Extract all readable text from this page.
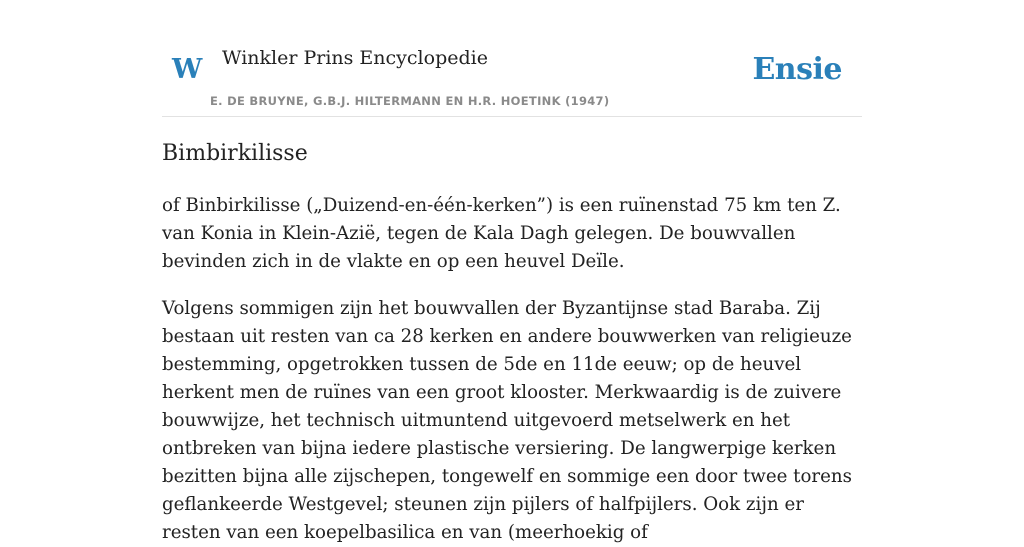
W Winkler Prins Encyclopedie
E. DE BRUYNE, G.B.J. HILTERMANN EN H.R. HOETINK (1947)
Ensie
Bimbirkilisse

of Binbirkilisse („Duizend-en-één-kerken”) is een ruïnenstad 75 km ten Z. van Konia in Klein-Azië, tegen de Kala Dagh gelegen. De bouwvallen bevinden zich in de vlakte en op een heuvel Deïle.

Volgens sommigen zijn het bouwvallen der Byzantijnse stad Baraba. Zij bestaan uit resten van ca 28 kerken en andere bouwwerken van religieuze bestemming, opgetrokken tussen de 5de en 11de eeuw; op de heuvel herkent men de ruïnes van een groot klooster. Merkwaardig is de zuivere bouwwijze, het technisch uitmuntend uitgevoerd metselwerk en het ontbreken van bijna iedere plastische versiering. De langwerpige kerken bezitten bijna alle zijschepen, tongewelf en sommige een door twee torens geflankeerde Westgevel; steunen zijn pijlers of halfpijlers. Ook zijn er resten van een koepelbasilica en van (meerhoekig of
